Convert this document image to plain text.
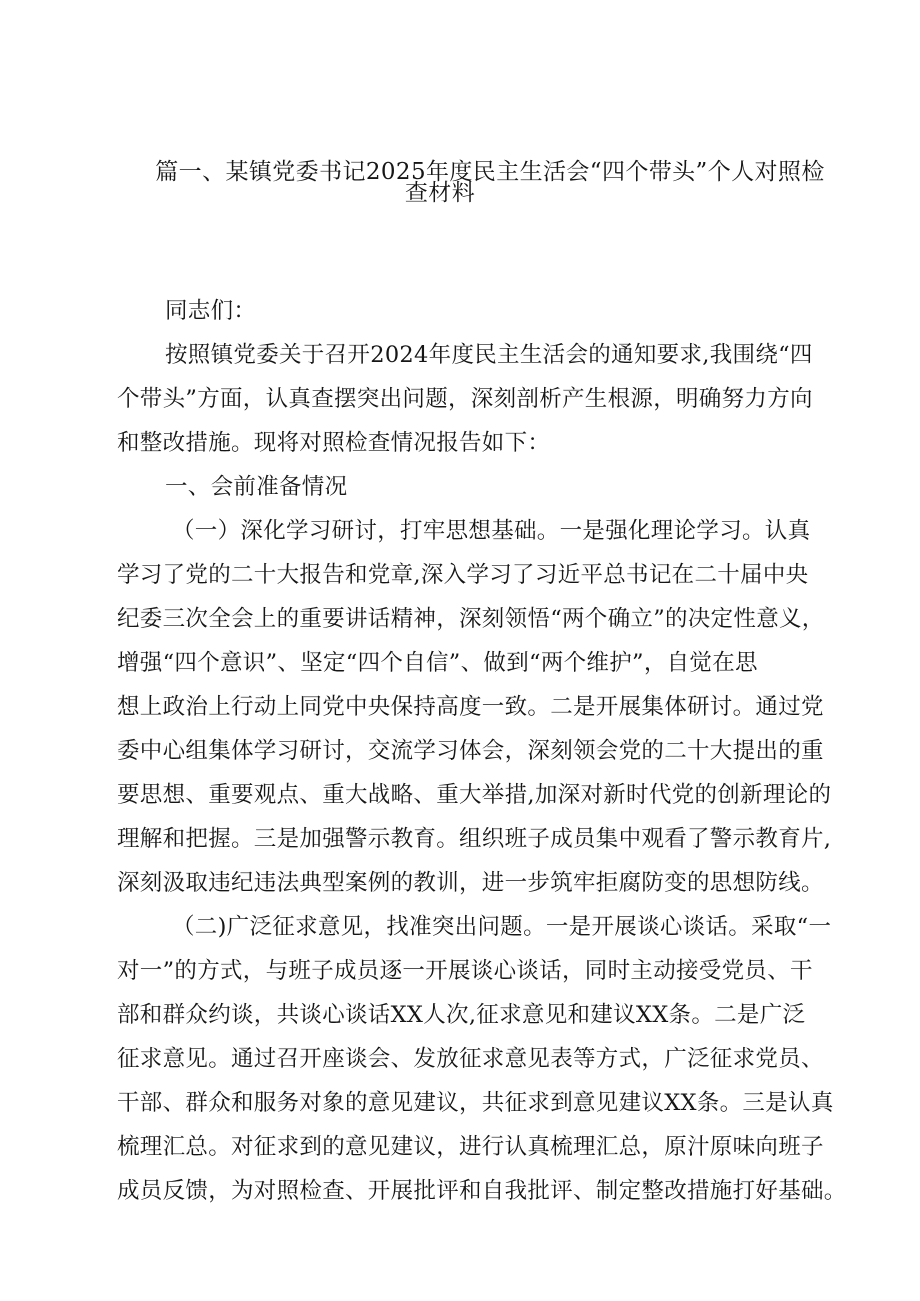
篇一、某镇党委书记2025年度民主生活会“四个带头”个人对照检
查材料
同志们：
按照镇党委关于召开2024年度民主生活会的通知要求,我围绕“四
个带头”方面，认真查摆突出问题，深刻剖析产生根源，明确努力方向
和整改措施。现将对照检查情况报告如下：
一、会前准备情况
（一）深化学习研讨，打牢思想基础。一是强化理论学习。认真
学习了党的二十大报告和党章,深入学习了习近平总书记在二十届中央
纪委三次全会上的重要讲话精神，深刻领悟“两个确立”的决定性意义，
增强“四个意识”、坚定“四个自信”、做到“两个维护”，自觉在思
想上政治上行动上同党中央保持高度一致。二是开展集体研讨。通过党
委中心组集体学习研讨，交流学习体会，深刻领会党的二十大提出的重
要思想、重要观点、重大战略、重大举措,加深对新时代党的创新理论的
理解和把握。三是加强警示教育。组织班子成员集中观看了警示教育片,
深刻汲取违纪违法典型案例的教训，进一步筑牢拒腐防变的思想防线。
（二)广泛征求意见，找准突出问题。一是开展谈心谈话。采取“一
对一”的方式，与班子成员逐一开展谈心谈话，同时主动接受党员、干
部和群众约谈，共谈心谈话XX人次,征求意见和建议XX条。二是广泛
征求意见。通过召开座谈会、发放征求意见表等方式，广泛征求党员、
干部、群众和服务对象的意见建议，共征求到意见建议XX条。三是认真
梳理汇总。对征求到的意见建议，进行认真梳理汇总，原汁原味向班子
成员反馈，为对照检查、开展批评和自我批评、制定整改措施打好基础。
